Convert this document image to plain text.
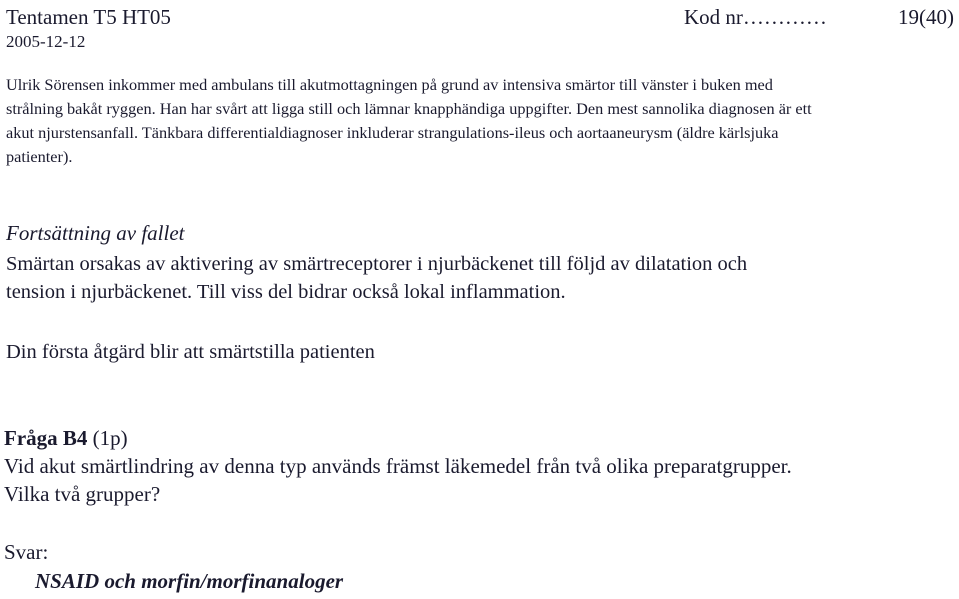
Tentamen T5 HT05	Kod nr…………	19(40)
2005-12-12
Ulrik Sörensen inkommer med ambulans till akutmottagningen på grund av intensiva smärtor till vänster i buken med
strålning bakåt ryggen. Han har svårt att ligga still och lämnar knapphändiga uppgifter. Den mest sannolika diagnosen är ett
akut njurstensanfall. Tänkbara differentialdiagnoser inkluderar strangulations-ileus och aortaaneurysm (äldre kärlsjuka
patienter).
Fortsättning av fallet
Smärtan orsakas av aktivering av smärtreceptorer i njurbäckenet till följd av dilatation och
tension i njurbäckenet. Till viss del bidrar också lokal inflammation.
Din första åtgärd blir att smärtstilla patienten
Fråga B4 (1p)
Vid akut smärtlindring av denna typ används främst läkemedel från två olika preparatgrupper.
Vilka två grupper?
Svar:
NSAID och morfin/morfinanaloger
